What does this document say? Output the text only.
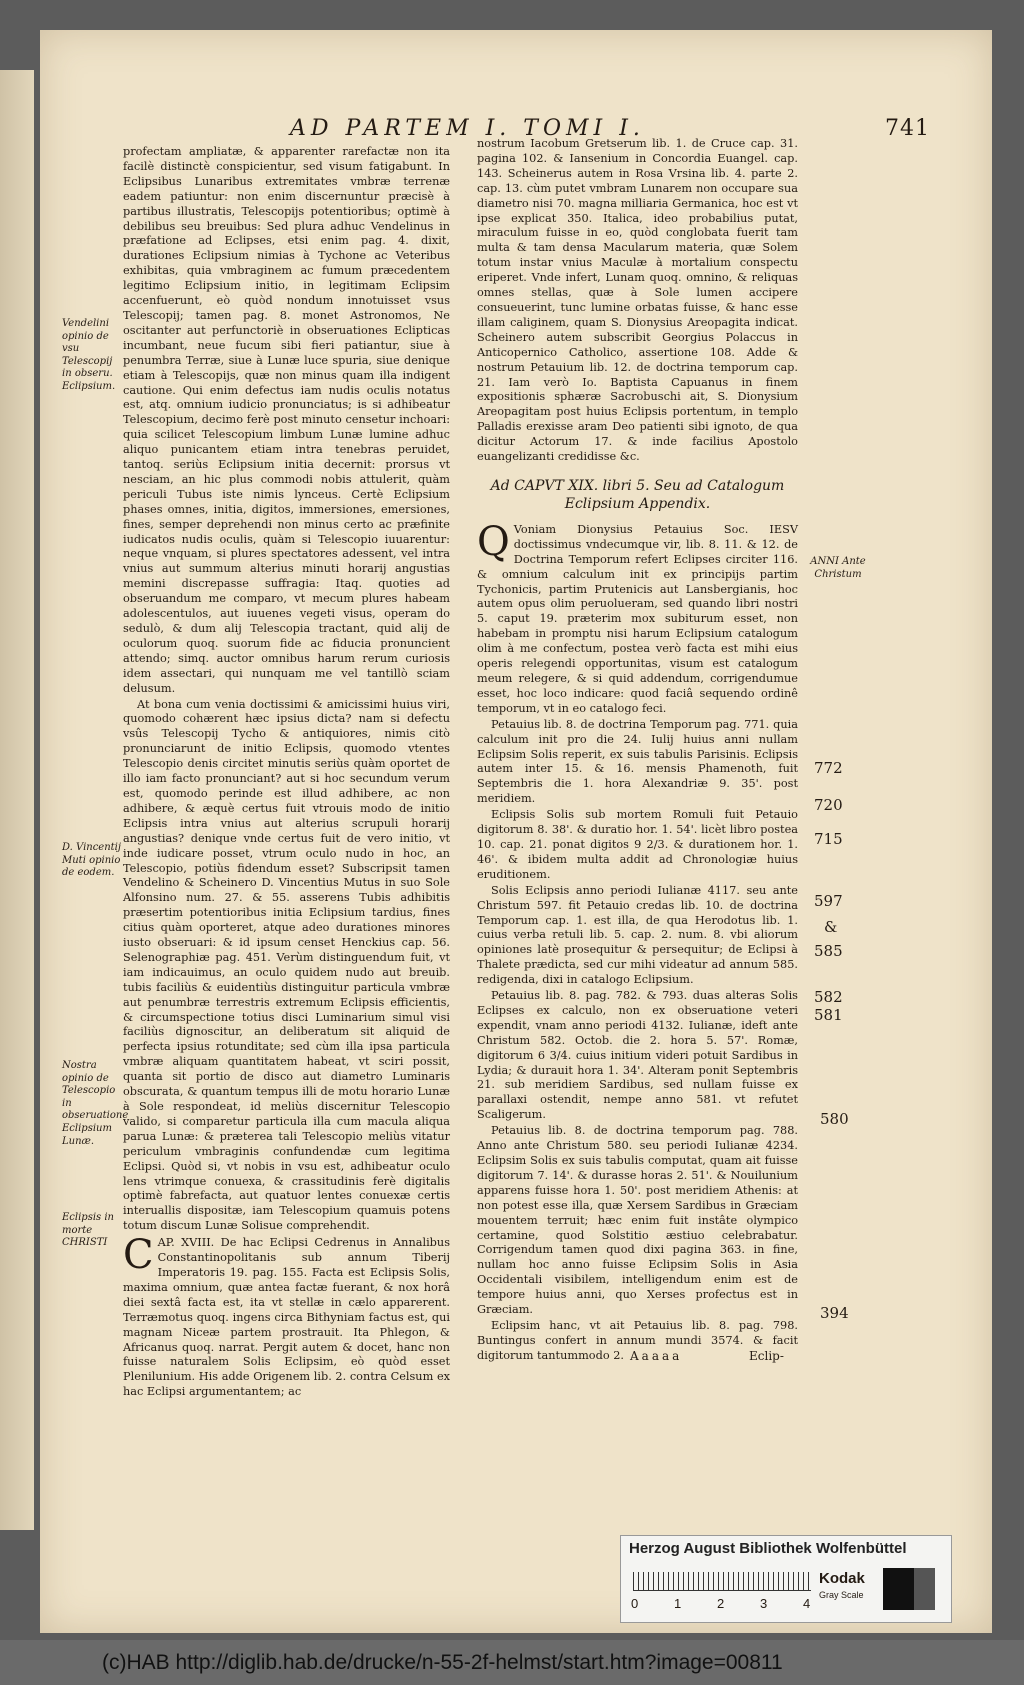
AD PARTEM I. TOMI I.	741
Vendelini opinio de vsu Telescopij in obseru. Eclipsium.
D. Vincentij Muti opinio de eodem.
Nostra opinio de Telescopio in obseruatione Eclipsium Lunæ.
Eclipsis in morte CHRISTI

profectam ampliatæ, & apparenter rarefactæ non ita facilè distinctè conspicientur, sed visum fatigabunt. In Eclipsibus Lunaribus extremitates vmbræ terrenæ eadem patiuntur: non enim discernuntur præcisè à partibus illustratis, Telescopijs potentioribus; optimè à debilibus seu breuibus: Sed plura adhuc Vendelinus in præfatione ad Eclipses, etsi enim pag. 4. dixit, durationes Eclipsium nimias à Tychone ac Veteribus exhibitas, quia vmbraginem ac fumum præcedentem legitimo Eclipsium initio, in legitimam Eclipsim accenfuerunt, eò quòd nondum innotuisset vsus Telescopij; tamen pag. 8. monet Astronomos, Ne oscitanter aut perfunctoriè in obseruationes Eclipticas incumbant, neue fucum sibi fieri patiantur, siue à penumbra Terræ, siue à Lunæ luce spuria, siue denique etiam à Telescopijs, quæ non minus quam illa indigent cautione. Qui enim defectus iam nudis oculis notatus est, atq. omnium iudicio pronunciatus; is si adhibeatur Telescopium, decimo ferè post minuto censetur inchoari: quia scilicet Telescopium limbum Lunæ lumine adhuc aliquo punicantem etiam intra tenebras peruidet, tantoq. seriùs Eclipsium initia decernit: prorsus vt nesciam, an hic plus commodi nobis attulerit, quàm periculi Tubus iste nimis lynceus. Certè Eclipsium phases omnes, initia, digitos, immersiones, emersiones, fines, semper deprehendi non minus certo ac præfinite iudicatos nudis oculis, quàm si Telescopio iuuarentur: neque vnquam, si plures spectatores adessent, vel intra vnius aut summum alterius minuti horarij angustias memini discrepasse suffragia: Itaq. quoties ad obseruandum me comparo, vt mecum plures habeam adolescentulos, aut iuuenes vegeti visus, operam do sedulò, & dum alij Telescopia tractant, quid alij de oculorum quoq. suorum fide ac fiducia pronuncient attendo; simq. auctor omnibus harum rerum curiosis idem assectari, qui nunquam me vel tantillò sciam delusum.

At bona cum venia doctissimi & amicissimi huius viri, quomodo cohærent hæc ipsius dicta? nam si defectu vsûs Telescopij Tycho & antiquiores, nimis citò pronunciarunt de initio Eclipsis, quomodo vtentes Telescopio denis circitet minutis seriùs quàm oportet de illo iam facto pronunciant? aut si hoc secundum verum est, quomodo perinde est illud adhibere, ac non adhibere, & æquè certus fuit vtrouis modo de initio Eclipsis intra vnius aut alterius scrupuli horarij angustias? denique vnde certus fuit de vero initio, vt inde iudicare posset, vtrum oculo nudo in hoc, an Telescopio, potiùs fidendum esset? Subscripsit tamen Vendelino & Scheinero D. Vincentius Mutus in suo Sole Alfonsino num. 27. & 55. asserens Tubis adhibitis præsertim potentioribus initia Eclipsium tardius, fines citius quàm oporteret, atque adeo durationes minores iusto obseruari: & id ipsum censet Henckius cap. 56. Selenographiæ pag. 451. Verùm distinguendum fuit, vt iam indicauimus, an oculo quidem nudo aut breuib. tubis faciliùs & euidentiùs distinguitur particula vmbræ aut penumbræ terrestris extremum Eclipsis efficientis, & circumspectione totius disci Luminarium simul visi faciliùs dignoscitur, an deliberatum sit aliquid de perfecta ipsius rotunditate; sed cùm illa ipsa particula vmbræ aliquam quantitatem habeat, vt sciri possit, quanta sit portio de disco aut diametro Luminaris obscurata, & quantum tempus illi de motu horario Lunæ à Sole respondeat, id meliùs discernitur Telescopio valido, si comparetur particula illa cum macula aliqua parua Lunæ: & præterea tali Telescopio meliùs vitatur periculum vmbraginis confundendæ cum legitima Eclipsi. Quòd si, vt nobis in vsu est, adhibeatur oculo lens vtrimque conuexa, & crassitudinis ferè digitalis optimè fabrefacta, aut quatuor lentes conuexæ certis interuallis dispositæ, iam Telescopium quamuis potens totum discum Lunæ Solisue comprehendit.

CAP. XVIII. De hac Eclipsi Cedrenus in Annalibus Constantinopolitanis sub annum Tiberij Imperatoris 19. pag. 155. Facta est Eclipsis Solis, maxima omnium, quæ antea factæ fuerant, & nox horâ diei sextâ facta est, ita vt stellæ in cælo apparerent. Terræmotus quoq. ingens circa Bithyniam factus est, qui magnam Niceæ partem prostrauit. Ita Phlegon, & Africanus quoq. narrat. Pergit autem & docet, hanc non fuisse naturalem Solis Eclipsim, eò quòd esset Plenilunium. His adde Origenem lib. 2. contra Celsum ex hac Eclipsi argumentantem; ac

nostrum Iacobum Gretserum lib. 1. de Cruce cap. 31. pagina 102. & Iansenium in Concordia Euangel. cap. 143. Scheinerus autem in Rosa Vrsina lib. 4. parte 2. cap. 13. cùm putet vmbram Lunarem non occupare sua diametro nisi 70. magna milliaria Germanica, hoc est vt ipse explicat 350. Italica, ideo probabilius putat, miraculum fuisse in eo, quòd conglobata fuerit tam multa & tam densa Macularum materia, quæ Solem totum instar vnius Maculæ à mortalium conspectu eriperet. Vnde infert, Lunam quoq. omnino, & reliquas omnes stellas, quæ à Sole lumen accipere consueuerint, tunc lumine orbatas fuisse, & hanc esse illam caliginem, quam S. Dionysius Areopagita indicat. Scheinero autem subscribit Georgius Polaccus in Anticopernico Catholico, assertione 108. Adde & nostrum Petauium lib. 12. de doctrina temporum cap. 21. Iam verò Io. Baptista Capuanus in finem expositionis sphæræ Sacrobuschi ait, S. Dionysium Areopagitam post huius Eclipsis portentum, in templo Palladis erexisse aram Deo patienti sibi ignoto, de qua dicitur Actorum 17. & inde facilius Apostolo euangelizanti credidisse &c.

Ad CAPVT XIX. libri 5. Seu ad Catalogum Eclipsium Appendix.

Q Voniam Dionysius Petauius Soc. IESV doctissimus vndecumque vir, lib. 8. 11. & 12. de Doctrina Temporum refert Eclipses circiter 116. & omnium calculum init ex principijs partim Tychonicis, partim Prutenicis aut Lansbergianis, hoc autem opus olim peruolueram, sed quando libri nostri 5. caput 19. præterim mox subiturum esset, non habebam in promptu nisi harum Eclipsium catalogum olim à me confectum, postea verò facta est mihi eius operis relegendi opportunitas, visum est catalogum meum relegere, & si quid addendum, corrigendumue esset, hoc loco indicare: quod faciâ sequendo ordinê temporum, vt in eo catalogo feci.

Petauius lib. 8. de doctrina Temporum pag. 771. quia calculum init pro die 24. Iulij huius anni nullam Eclipsim Solis reperit, ex suis tabulis Parisinis. Eclipsis autem inter 15. & 16. mensis Phamenoth, fuit Septembris die 1. hora Alexandriæ 9. 35'. post meridiem.

Eclipsis Solis sub mortem Romuli fuit Petauio digitorum 8. 38'. & duratio hor. 1. 54'. licèt libro postea 10. cap. 21. ponat digitos 9 2/3. & durationem hor. 1. 46'. & ibidem multa addit ad Chronologiæ huius eruditionem.

Solis Eclipsis anno periodi Iulianæ 4117. seu ante Christum 597. fit Petauio credas lib. 10. de doctrina Temporum cap. 1. est illa, de qua Herodotus lib. 1. cuius verba retuli lib. 5. cap. 2. num. 8. vbi aliorum opiniones latè prosequitur & persequitur; de Eclipsi à Thalete prædicta, sed cur mihi videatur ad annum 585. redigenda, dixi in catalogo Eclipsium.

Petauius lib. 8. pag. 782. & 793. duas alteras Solis Eclipses ex calculo, non ex obseruatione veteri expendit, vnam anno periodi 4132. Iulianæ, ideft ante Christum 582. Octob. die 2. hora 5. 57'. Romæ, digitorum 6 3/4. cuius initium videri potuit Sardibus in Lydia; & durauit hora 1. 34'. Alteram ponit Septembris 21. sub meridiem Sardibus, sed nullam fuisse ex parallaxi ostendit, nempe anno 581. vt refutet Scaligerum.

Petauius lib. 8. de doctrina temporum pag. 788. Anno ante Christum 580. seu periodi Iulianæ 4234. Eclipsim Solis ex suis tabulis computat, quam ait fuisse digitorum 7. 14'. & durasse horas 2. 51'. & Nouilunium apparens fuisse hora 1. 50'. post meridiem Athenis: at non potest esse illa, quæ Xersem Sardibus in Græciam mouentem terruit; hæc enim fuit instâte olympico certamine, quod Solstitio æstiuo celebrabatur. Corrigendum tamen quod dixi pagina 363. in fine, nullam hoc anno fuisse Eclipsim Solis in Asia Occidentali visibilem, intelligendum enim est de tempore huius anni, quo Xerses profectus est in Græciam.

Eclipsim hanc, vt ait Petauius lib. 8. pag. 798. Buntingus confert in annum mundi 3574. & facit digitorum tantummodo 2.

ANNI Ante Christum
772
720
715
597
&
585
582
581
580
394
Aaaaa	Eclip-
Herzog August Bibliothek Wolfenbüttel
0	1	2	3	4
Kodak
Gray Scale
(c)HAB http://diglib.hab.de/drucke/n-55-2f-helmst/start.htm?image=00811
